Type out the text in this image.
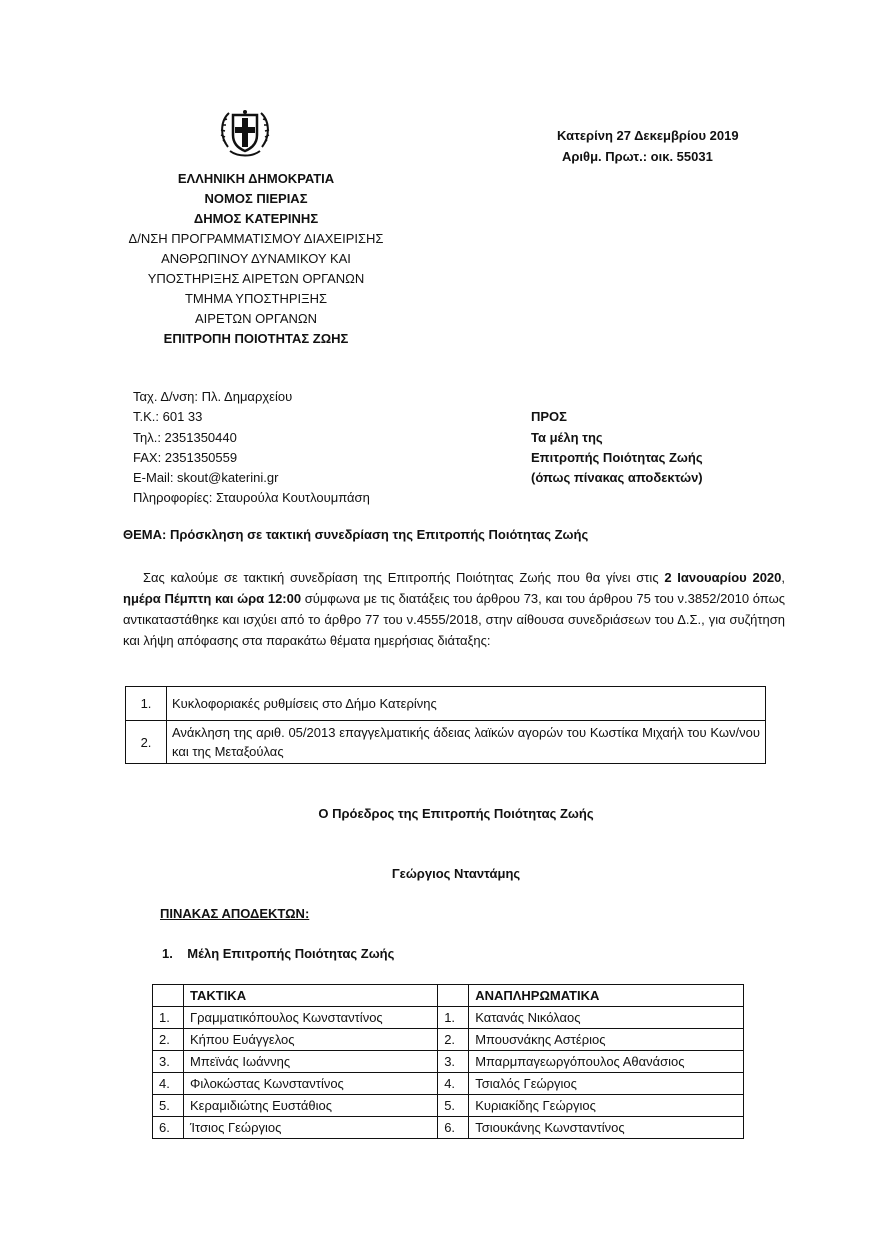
ΕΛΛΗΝΙΚΗ ΔΗΜΟΚΡΑΤΙΑ
ΝΟΜΟΣ ΠΙΕΡΙΑΣ
ΔΗΜΟΣ ΚΑΤΕΡΙΝΗΣ
Δ/ΝΣΗ ΠΡΟΓΡΑΜΜΑΤΙΣΜΟΥ ΔΙΑΧΕΙΡΙΣΗΣ
ΑΝΘΡΩΠΙΝΟΥ ΔΥΝΑΜΙΚΟΥ ΚΑΙ
ΥΠΟΣΤΗΡΙΞΗΣ ΑΙΡΕΤΩΝ ΟΡΓΑΝΩΝ
ΤΜΗΜΑ ΥΠΟΣΤΗΡΙΞΗΣ
ΑΙΡΕΤΩΝ ΟΡΓΑΝΩΝ
ΕΠΙΤΡΟΠΗ ΠΟΙΟΤΗΤΑΣ ΖΩΗΣ
Κατερίνη 27 Δεκεμβρίου 2019
Αριθμ. Πρωτ.: οικ. 55031
Ταχ. Δ/νση: Πλ. Δημαρχείου
Τ.Κ.: 601 33
Τηλ.: 2351350440
FAX: 2351350559
E-Mail: skout@katerini.gr
Πληροφορίες: Σταυρούλα Κουτλουμπάση
ΠΡΟΣ
Τα μέλη της
Επιτροπής Ποιότητας Ζωής
(όπως πίνακας αποδεκτών)
ΘΕΜΑ: Πρόσκληση σε τακτική συνεδρίαση της Επιτροπής Ποιότητας Ζωής
Σας καλούμε σε τακτική συνεδρίαση της Επιτροπής Ποιότητας Ζωής που θα γίνει στις 2 Ιανουαρίου 2020, ημέρα Πέμπτη και ώρα 12:00 σύμφωνα με τις διατάξεις του άρθρου 73, και του άρθρου 75 του ν.3852/2010 όπως αντικαταστάθηκε και ισχύει από το άρθρο 77 του ν.4555/2018, στην αίθουσα συνεδριάσεων του Δ.Σ., για συζήτηση και λήψη απόφασης στα παρακάτω θέματα ημερήσιας διάταξης:
1.	Κυκλοφοριακές ρυθμίσεις στο Δήμο Κατερίνης
2.	Ανάκληση της αριθ. 05/2013 επαγγελματικής άδειας λαϊκών αγορών του Κωστίκα Μιχαήλ του Κων/νου και της Μεταξούλας
Ο Πρόεδρος της Επιτροπής Ποιότητας Ζωής
Γεώργιος Νταντάμης
ΠΙΝΑΚΑΣ ΑΠΟΔΕΚΤΩΝ:
1.    Μέλη Επιτροπής Ποιότητας Ζωής
	ΤΑΚΤΙΚΑ		ΑΝΑΠΛΗΡΩΜΑΤΙΚΑ
1.	Γραμματικόπουλος Κωνσταντίνος	1.	Κατανάς Νικόλαος
2.	Κήπου Ευάγγελος	2.	Μπουσνάκης Αστέριος
3.	Μπεϊνάς Ιωάννης	3.	Μπαρμπαγεωργόπουλος Αθανάσιος
4.	Φιλοκώστας Κωνσταντίνος	4.	Τσιαλός Γεώργιος
5.	Κεραμιδιώτης Ευστάθιος	5.	Κυριακίδης Γεώργιος
6.	Ίτσιος Γεώργιος	6.	Τσιουκάνης Κωνσταντίνος
